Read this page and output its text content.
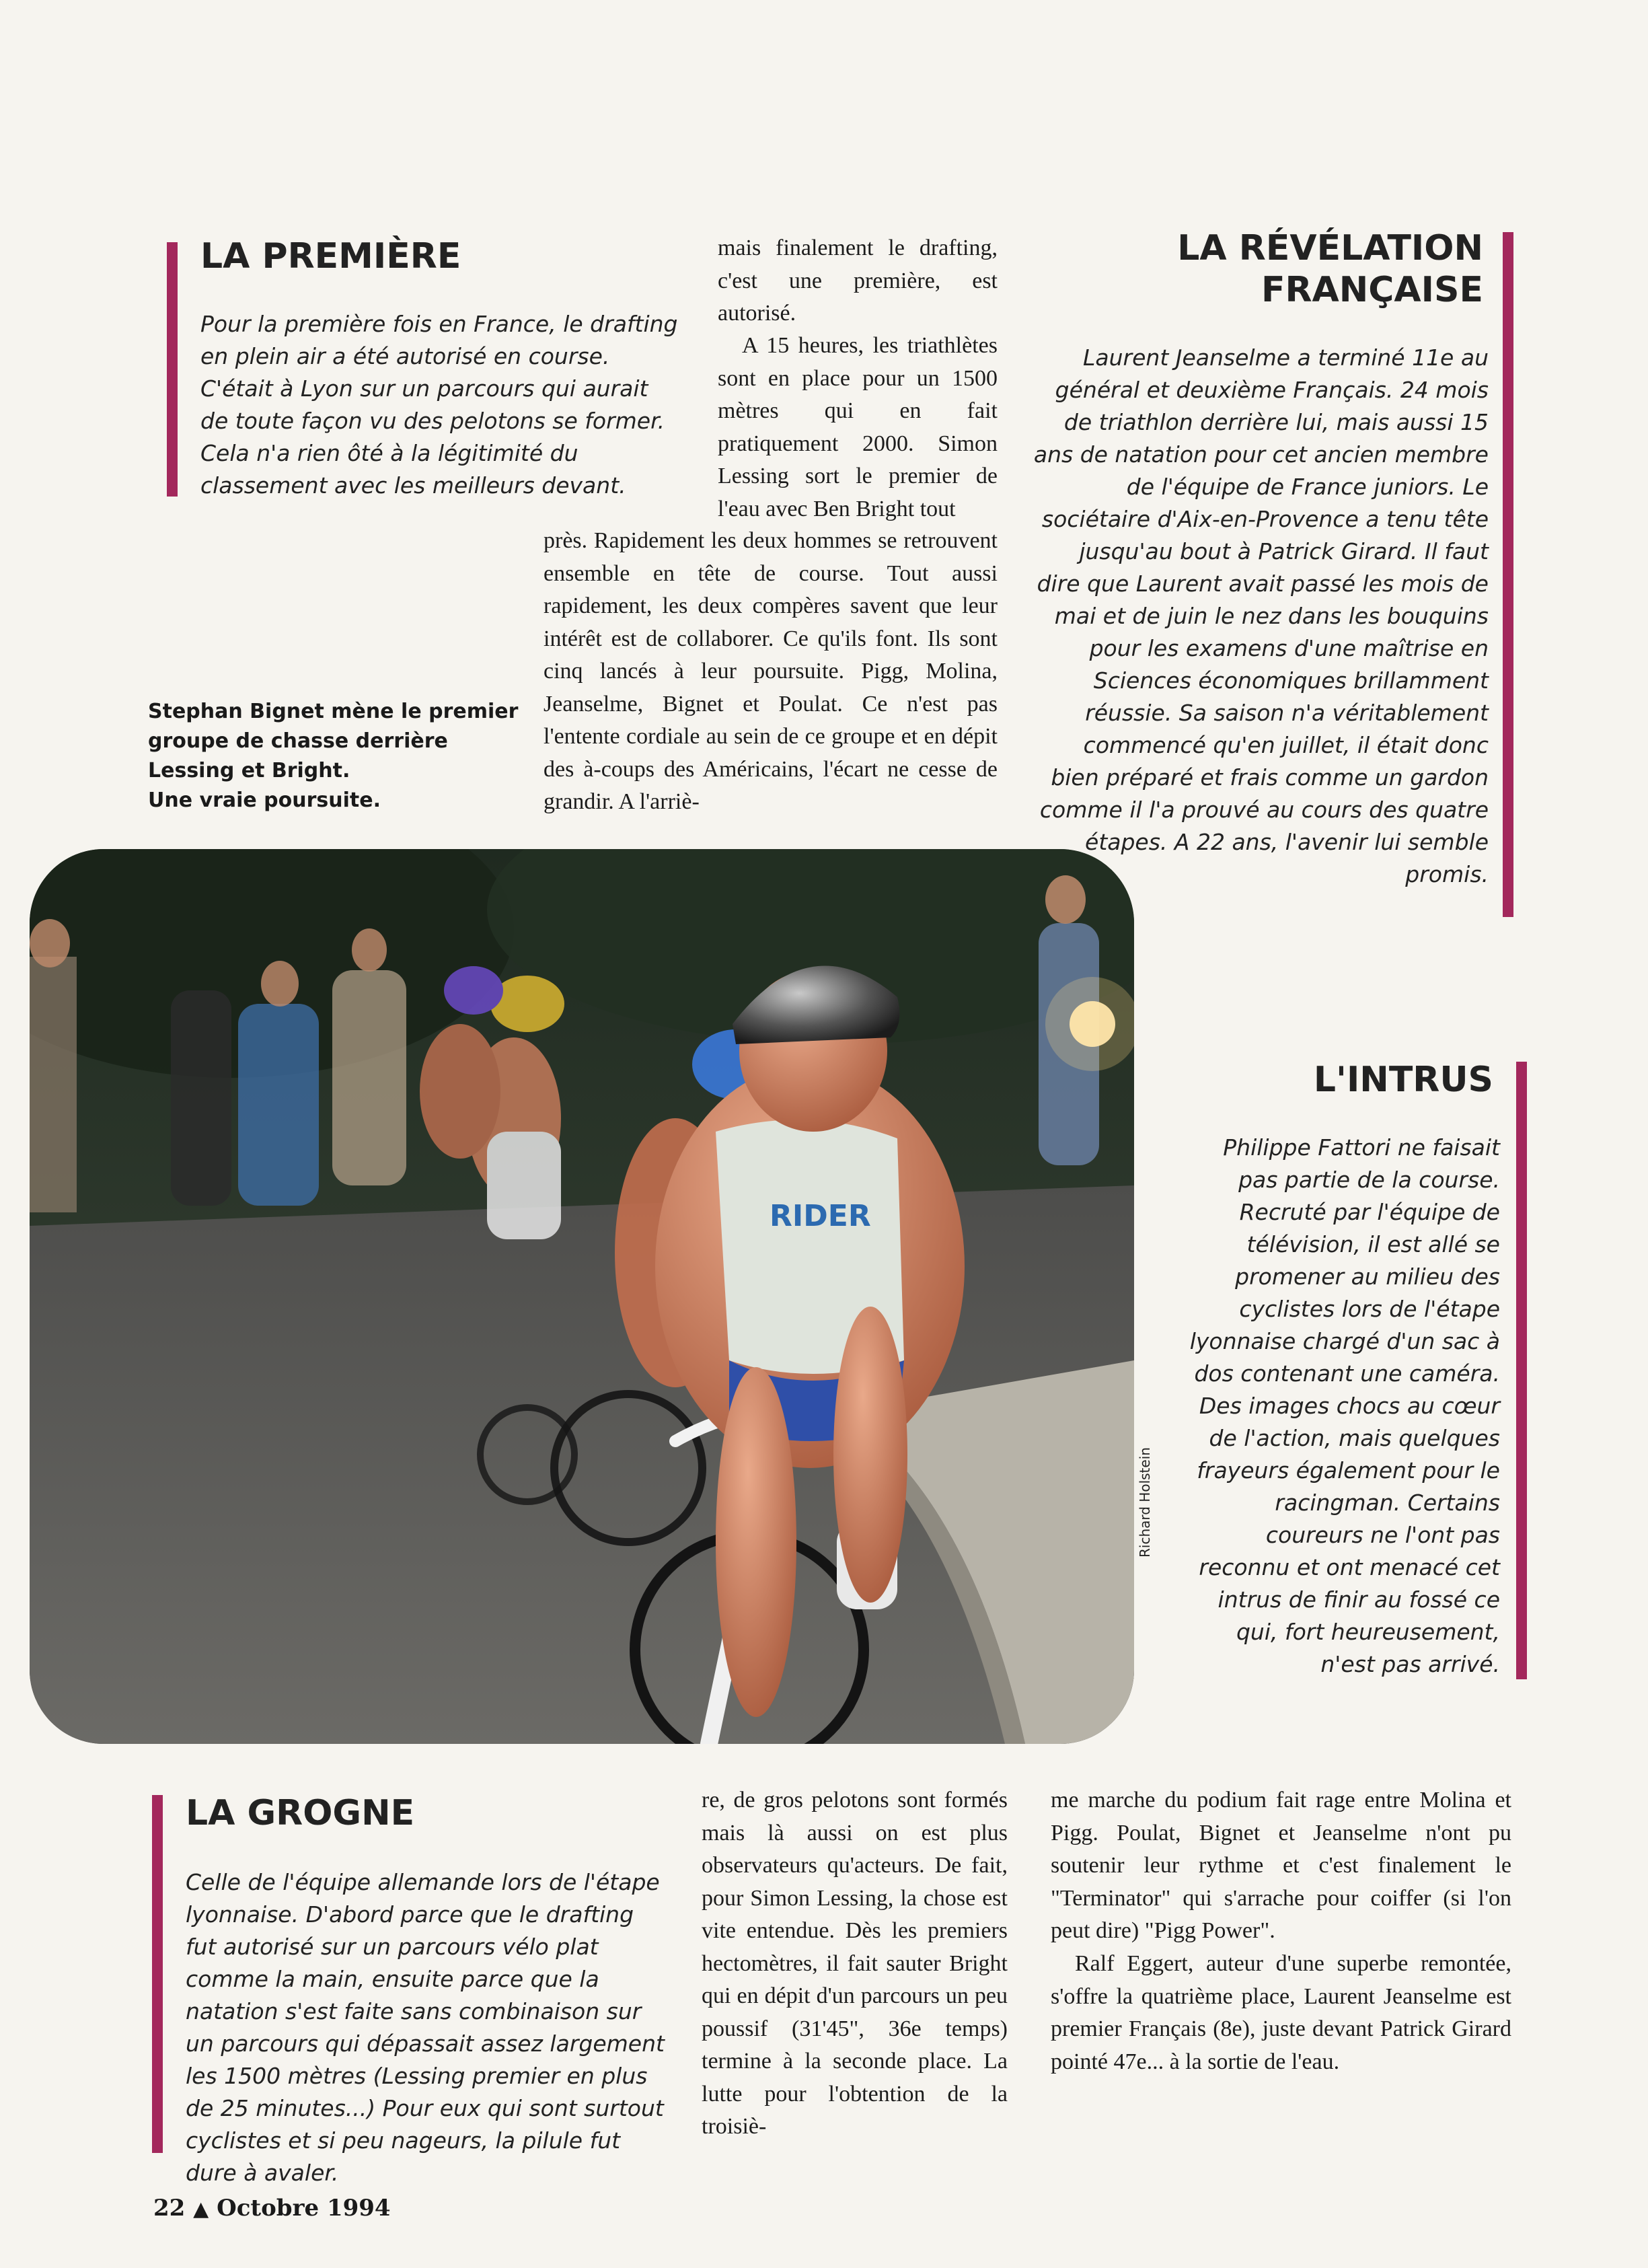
LA PREMIÈRE

Pour la première fois en France, le drafting en plein air a été autorisé en course. C'était à Lyon sur un parcours qui aurait de toute façon vu des pelotons se former. Cela n'a rien ôté à la légitimité du classement avec les meilleurs devant.

Stephan Bignet mène le premier
groupe de chasse derrière
Lessing et Bright.
Une vraie poursuite.

mais finalement le drafting, c'est une première, est autorisé.

A 15 heures, les triathlètes sont en place pour un 1500 mètres qui en fait pratiquement 2000. Simon Lessing sort le premier de l'eau avec Ben Bright tout

près. Rapidement les deux hommes se retrouvent ensemble en tête de course. Tout aussi rapidement, les deux compères savent que leur intérêt est de collaborer. Ce qu'ils font. Ils sont cinq lancés à leur poursuite. Pigg, Molina, Jeanselme, Bignet et Poulat. Ce n'est pas l'entente cordiale au sein de ce groupe et en dépit des à-coups des Américains, l'écart ne cesse de grandir. A l'arriè-

LA RÉVÉLATION
FRANÇAISE

Laurent Jeanselme a terminé 11e au général et deuxième Français. 24 mois de triathlon derrière lui, mais aussi 15 ans de natation pour cet ancien membre de l'équipe de France juniors. Le sociétaire d'Aix-en-Provence a tenu tête jusqu'au bout à Patrick Girard. Il faut dire que Laurent avait passé les mois de mai et de juin le nez dans les bouquins pour les examens d'une maîtrise en Sciences économiques brillamment réussie. Sa saison n'a véritablement commencé qu'en juillet, il était donc bien préparé et frais comme un gardon comme il l'a prouvé au cours des quatre étapes. A 22 ans, l'avenir lui semble promis.

L'INTRUS

Philippe Fattori ne faisait pas partie de la course. Recruté par l'équipe de télévision, il est allé se promener au milieu des cyclistes lors de l'étape lyonnaise chargé d'un sac à dos contenant une caméra. Des images chocs au cœur de l'action, mais quelques frayeurs également pour le racingman. Certains coureurs ne l'ont pas reconnu et ont menacé cet intrus de finir au fossé ce qui, fort heureusement, n'est pas arrivé.

RIDER
Richard Holstein
LA GROGNE

Celle de l'équipe allemande lors de l'étape lyonnaise. D'abord parce que le drafting fut autorisé sur un parcours vélo plat comme la main, ensuite parce que la natation s'est faite sans combinaison sur un parcours qui dépassait assez largement les 1500 mètres (Lessing premier en plus de 25 minutes...) Pour eux qui sont surtout cyclistes et si peu nageurs, la pilule fut dure à avaler.

re, de gros pelotons sont formés mais là aussi on est plus observateurs qu'acteurs. De fait, pour Simon Lessing, la chose est vite entendue. Dès les premiers hectomètres, il fait sauter Bright qui en dépit d'un parcours un peu poussif (31'45", 36e temps) termine à la seconde place. La lutte pour l'obtention de la troisiè-

me marche du podium fait rage entre Molina et Pigg. Poulat, Bignet et Jeanselme n'ont pu soutenir leur rythme et c'est finalement le "Terminator" qui s'arrache pour coiffer (si l'on peut dire) "Pigg Power".

Ralf Eggert, auteur d'une superbe remontée, s'offre la quatrième place, Laurent Jeanselme est premier Français (8e), juste devant Patrick Girard pointé 47e... à la sortie de l'eau.

22 ▲ Octobre 1994
